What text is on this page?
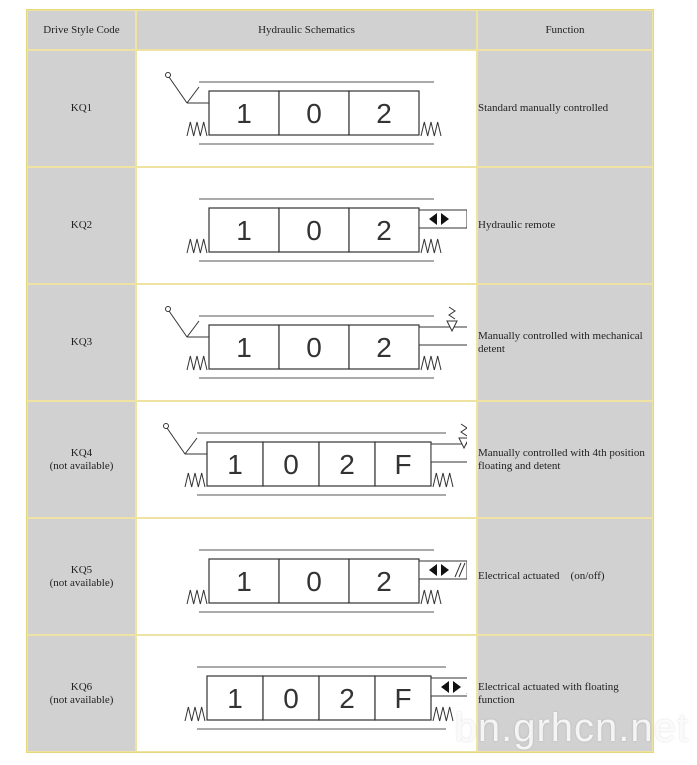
Drive Style Code	Hydraulic Schematics	Function

KQ1	1 0 2	Standard manually controlled

KQ2	1 0 2	Hydraulic remote

KQ3	1 0 2	Manually controlled with mechanical detent

KQ4
(not available)	1 0 2 F	Manually controlled with 4th position floating and detent

KQ5
(not available)	1 0 2	Electrical actuated　(on/off)

KQ6
(not available)	1 0 2 F	Electrical actuated with floating function
bn.grhcn.net
